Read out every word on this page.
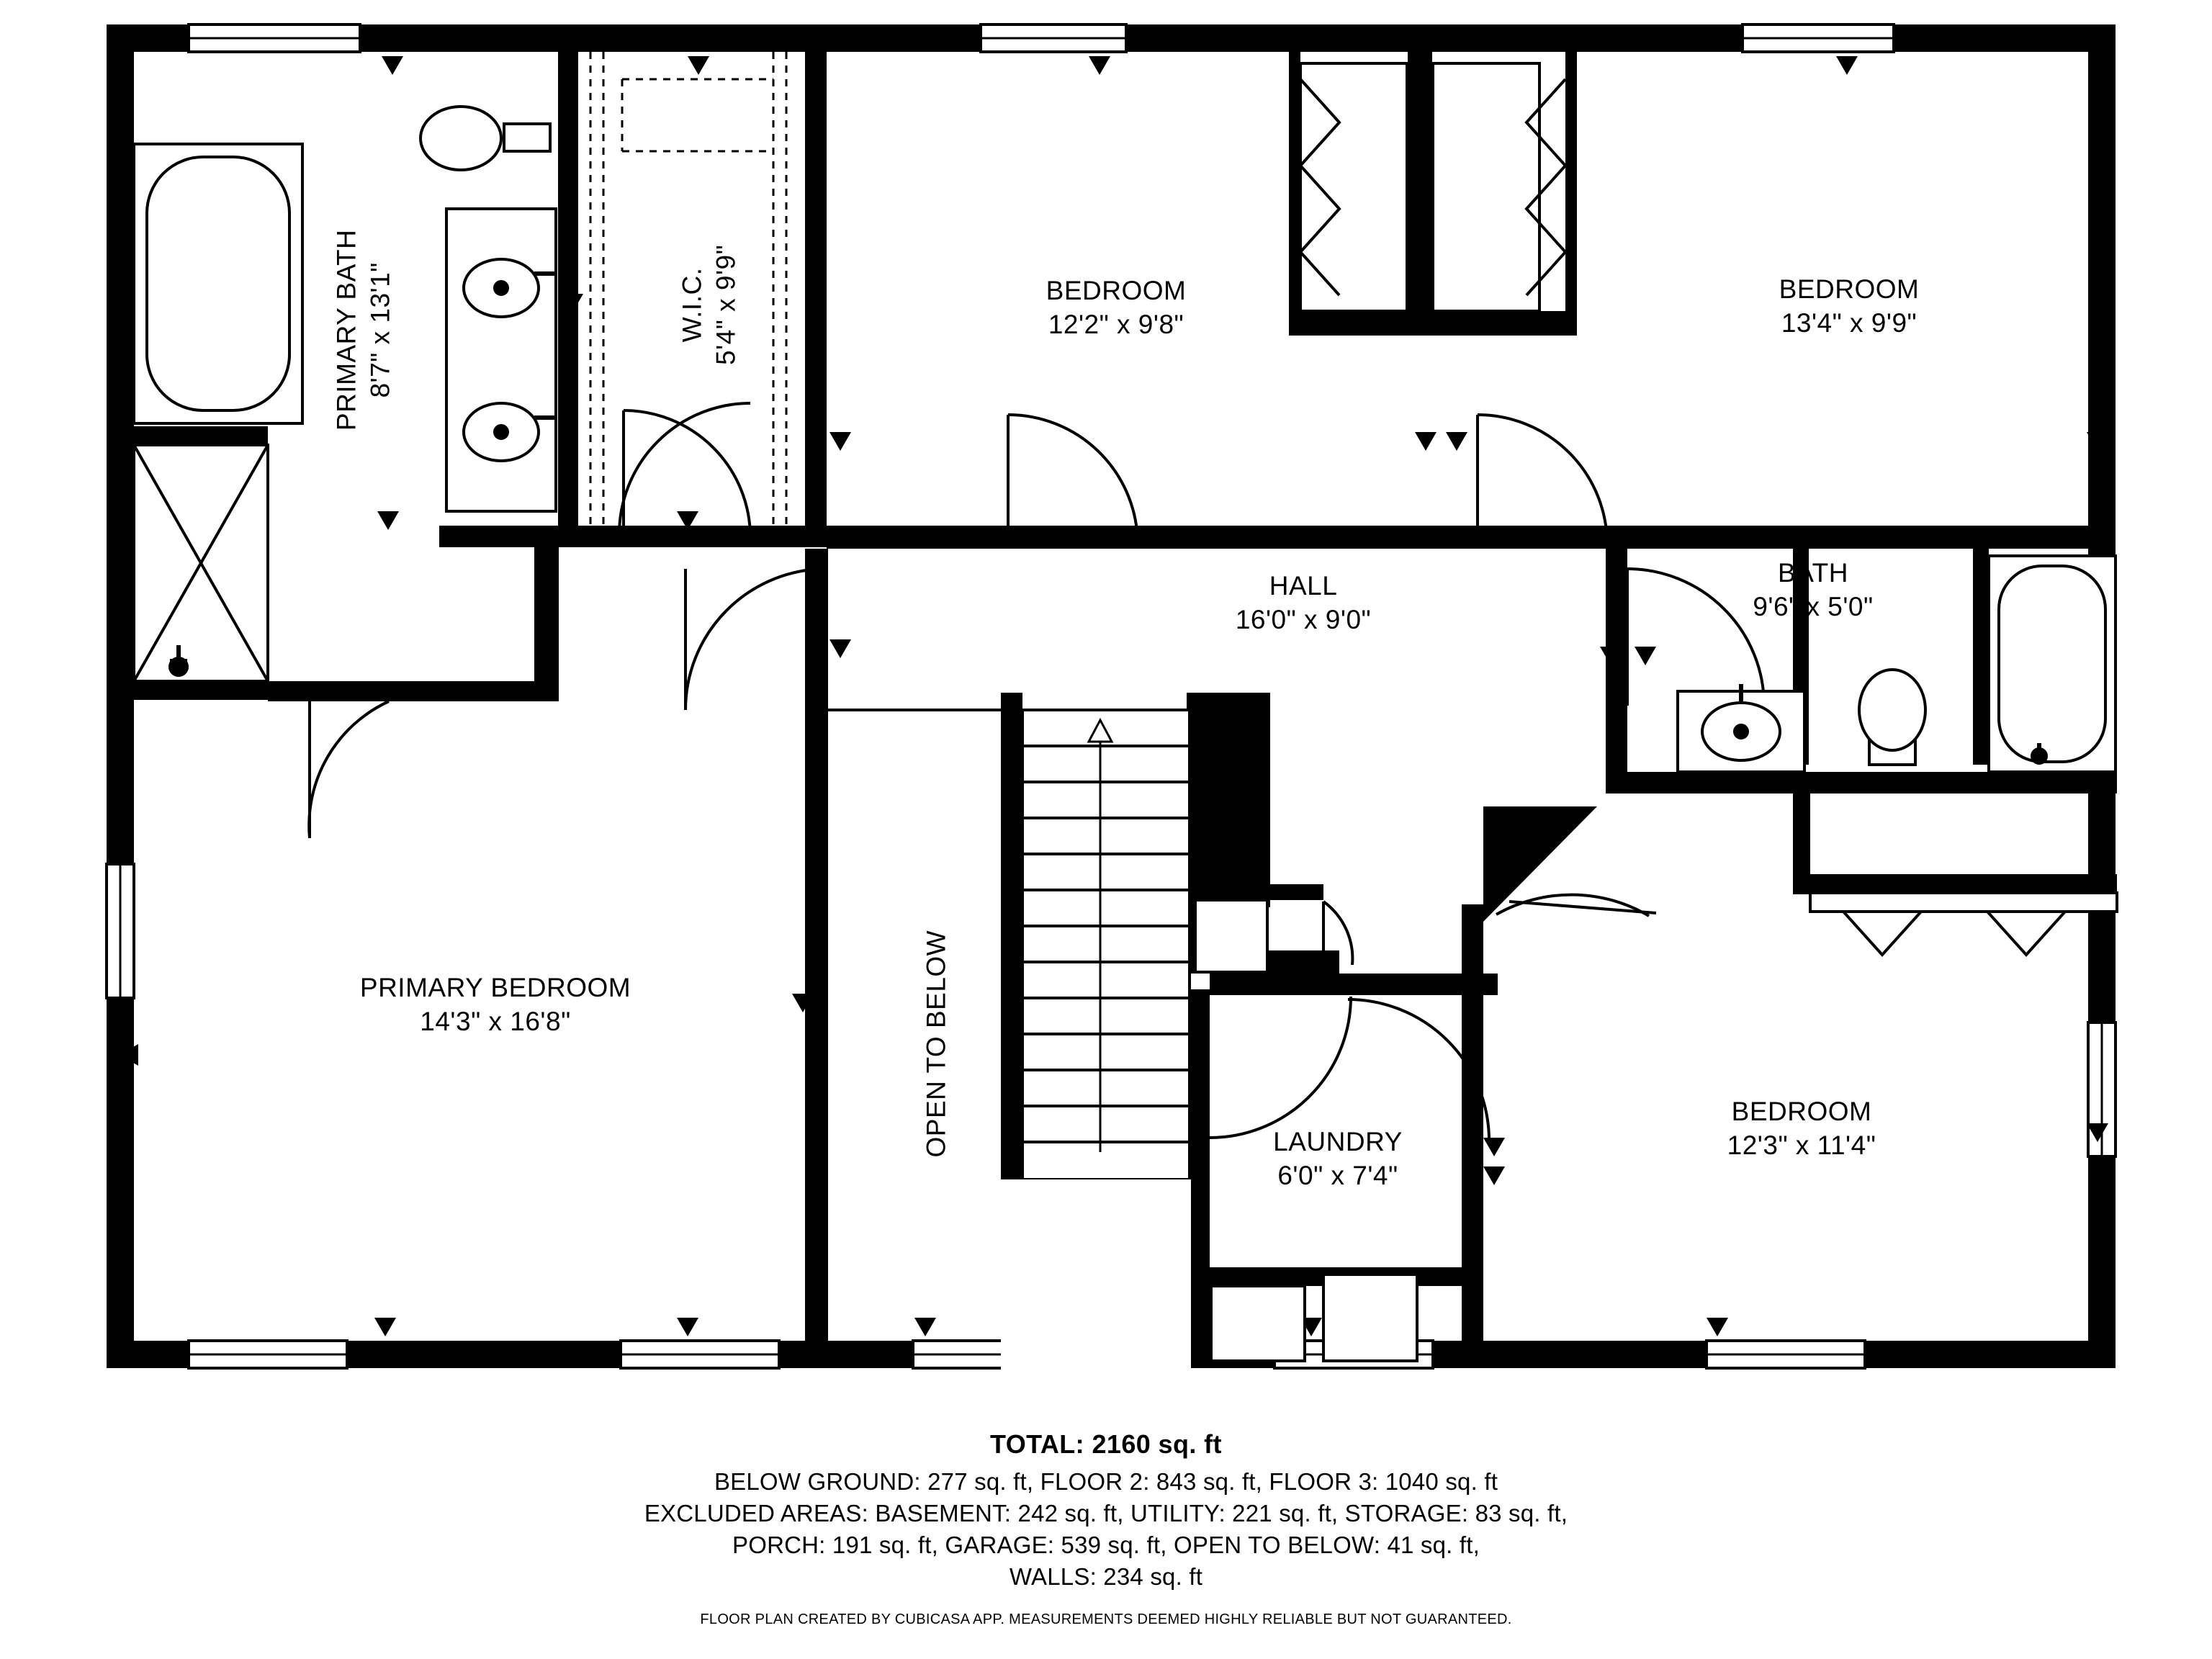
PRIMARY BATH 8'7" x 13'1"	W.I.C. 5'4" x 9'9"	BEDROOM
12'2" x 9'8"
BEDROOM
13'4" x 9'9"
HALL
16'0" x 9'0"
BATH
9'6" x 5'0"
PRIMARY BEDROOM
14'3" x 16'8"
LAUNDRY
6'0" x 7'4"
BEDROOM
12'3" x 11'4"
OPEN TO BELOW
TOTAL: 2160 sq. ft
BELOW GROUND: 277 sq. ft, FLOOR 2: 843 sq. ft, FLOOR 3: 1040 sq. ft
EXCLUDED AREAS: BASEMENT: 242 sq. ft, UTILITY: 221 sq. ft, STORAGE: 83 sq. ft,
PORCH: 191 sq. ft, GARAGE: 539 sq. ft, OPEN TO BELOW: 41 sq. ft,
WALLS: 234 sq. ft
FLOOR PLAN CREATED BY CUBICASA APP. MEASUREMENTS DEEMED HIGHLY RELIABLE BUT NOT GUARANTEED.
